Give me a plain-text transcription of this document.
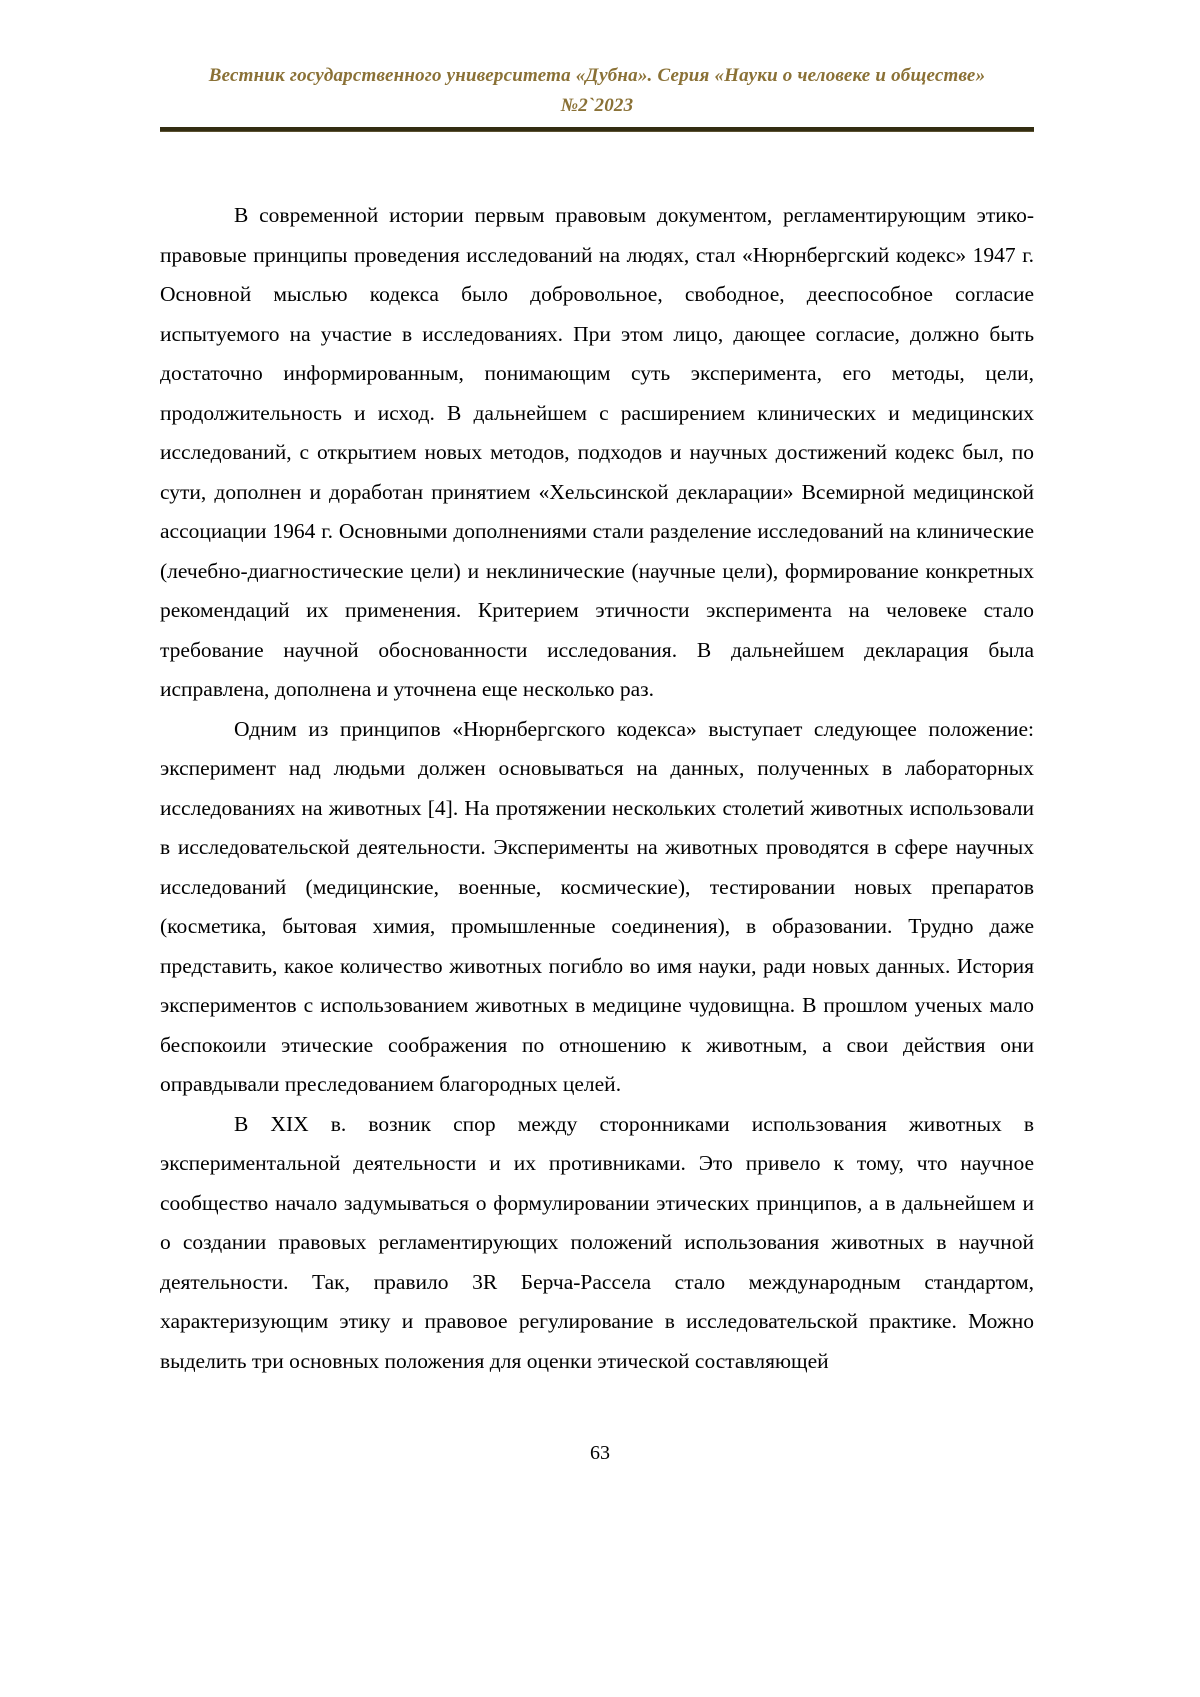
Вестник государственного университета «Дубна». Серия «Науки о человеке и обществе»
№2`2023

В современной истории первым правовым документом, регламентирующим этико-правовые принципы проведения исследований на людях, стал «Нюрнбергский кодекс» 1947 г. Основной мыслью кодекса было добровольное, свободное, дееспособное согласие испытуемого на участие в исследованиях. При этом лицо, дающее согласие, должно быть достаточно информированным, понимающим суть эксперимента, его методы, цели, продолжительность и исход. В дальнейшем с расширением клинических и медицинских исследований, с открытием новых методов, подходов и научных достижений кодекс был, по сути, дополнен и доработан принятием «Хельсинской декларации» Всемирной медицинской ассоциации 1964 г. Основными дополнениями стали разделение исследований на клинические (лечебно-диагностические цели) и неклинические (научные цели), формирование конкретных рекомендаций их применения. Критерием этичности эксперимента на человеке стало требование научной обоснованности исследования. В дальнейшем декларация была исправлена, дополнена и уточнена еще несколько раз.

Одним из принципов «Нюрнбергского кодекса» выступает следующее положение: эксперимент над людьми должен основываться на данных, полученных в лабораторных исследованиях на животных [4]. На протяжении нескольких столетий животных использовали в исследовательской деятельности. Эксперименты на животных проводятся в сфере научных исследований (медицинские, военные, космические), тестировании новых препаратов (косметика, бытовая химия, промышленные соединения), в образовании. Трудно даже представить, какое количество животных погибло во имя науки, ради новых данных. История экспериментов с использованием животных в медицине чудовищна. В прошлом ученых мало беспокоили этические соображения по отношению к животным, а свои действия они оправдывали преследованием благородных целей.

В XIX в. возник спор между сторонниками использования животных в экспериментальной деятельности и их противниками. Это привело к тому, что научное сообщество начало задумываться о формулировании этических принципов, а в дальнейшем и о создании правовых регламентирующих положений использования животных в научной деятельности. Так, правило 3R Берча-Рассела стало международным стандартом, характеризующим этику и правовое регулирование в исследовательской практике. Можно выделить три основных положения для оценки этической составляющей

63
